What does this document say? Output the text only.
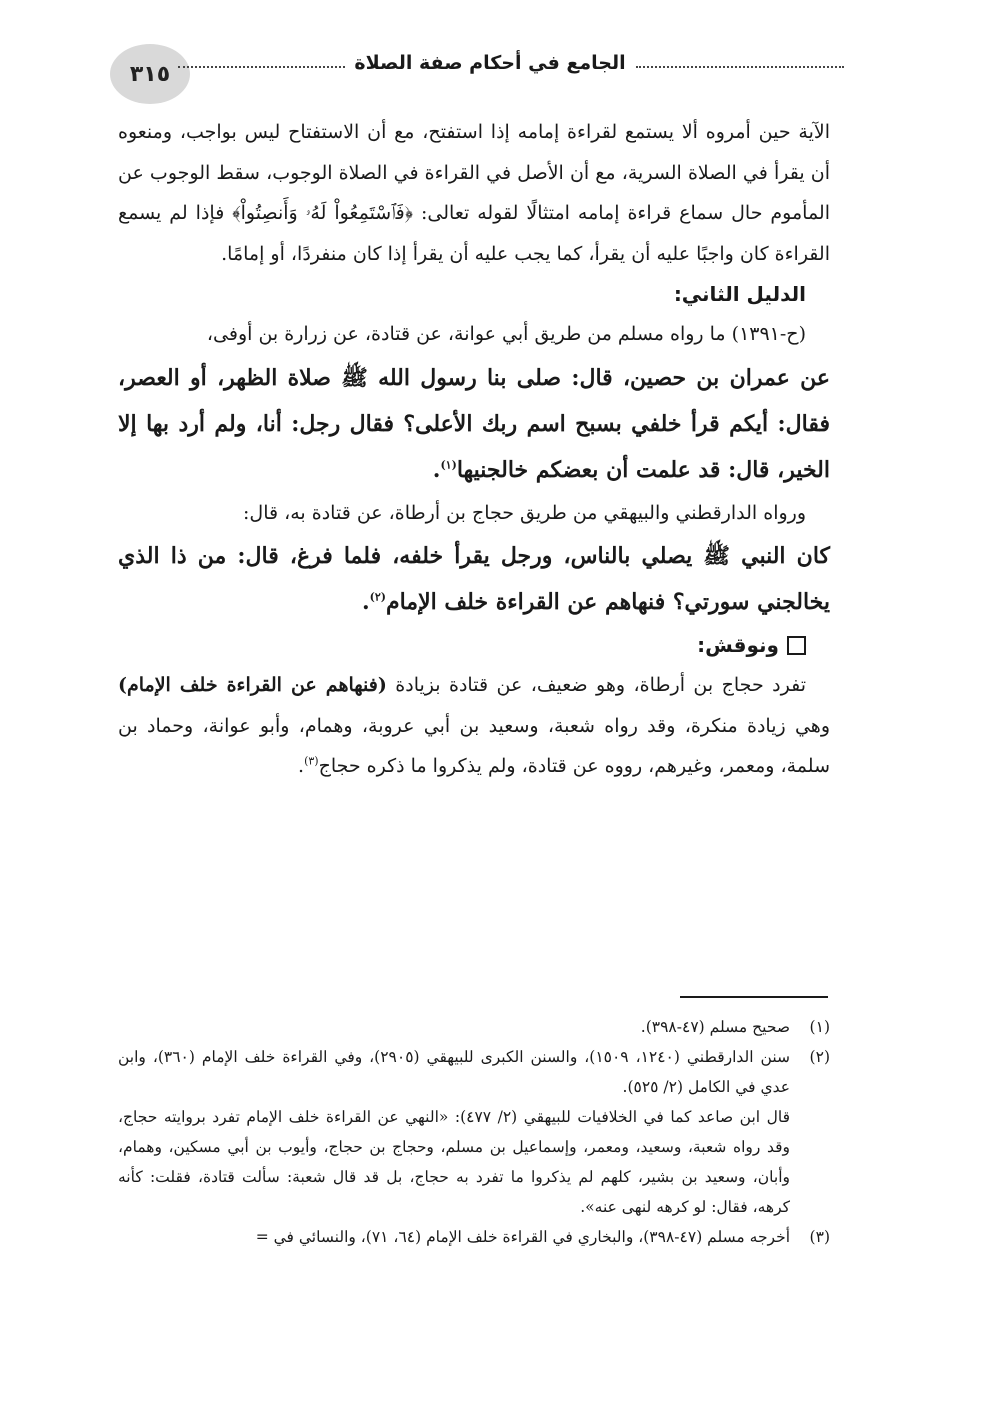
٣١٥	الجامع في أحكام صفة الصلاة

الآية حين أمروه ألا يستمع لقراءة إمامه إذا استفتح، مع أن الاستفتاح ليس بواجب، ومنعوه أن يقرأ في الصلاة السرية، مع أن الأصل في القراءة في الصلاة الوجوب، سقط الوجوب عن المأموم حال سماع قراءة إمامه امتثالًا لقوله تعالى: ﴿فَٱسْتَمِعُواْ لَهُۥ وَأَنصِتُواْ﴾ فإذا لم يسمع القراءة كان واجبًا عليه أن يقرأ، كما يجب عليه أن يقرأ إذا كان منفردًا، أو إمامًا.

الدليل الثاني:

(ح-١٣٩١) ما رواه مسلم من طريق أبي عوانة، عن قتادة، عن زرارة بن أوفى،

عن عمران بن حصين، قال: صلى بنا رسول الله ﷺ صلاة الظهر، أو العصر، فقال: أيكم قرأ خلفي بسبح اسم ربك الأعلى؟ فقال رجل: أنا، ولم أرد بها إلا الخير، قال: قد علمت أن بعضكم خالجنيها$^{(١)}$.

ورواه الدارقطني والبيهقي من طريق حجاج بن أرطاة، عن قتادة به، قال:

كان النبي ﷺ يصلي بالناس، ورجل يقرأ خلفه، فلما فرغ، قال: من ذا الذي يخالجني سورتي؟ فنهاهم عن القراءة خلف الإمام$^{(٢)}$.

ونوقش:

تفرد حجاج بن أرطاة، وهو ضعيف، عن قتادة بزيادة (فنهاهم عن القراءة خلف الإمام) وهي زيادة منكرة، وقد رواه شعبة، وسعيد بن أبي عروبة، وهمام، وأبو عوانة، وحماد بن سلمة، ومعمر، وغيرهم، رووه عن قتادة، ولم يذكروا ما ذكره حجاج$^{(٣)}$.

(١)
صحيح مسلم (٤٧-٣٩٨).
(٢)
سنن الدارقطني (١٢٤٠، ١٥٠٩)، والسنن الكبرى للبيهقي (٢٩٠٥)، وفي القراءة خلف الإمام (٣٦٠)، وابن عدي في الكامل (٢/ ٥٢٥).
قال ابن صاعد كما في الخلافيات للبيهقي (٢/ ٤٧٧): «النهي عن القراءة خلف الإمام تفرد بروايته حجاج، وقد رواه شعبة، وسعيد، ومعمر، وإسماعيل بن مسلم، وحجاج بن حجاج، وأيوب بن أبي مسكين، وهمام، وأبان، وسعيد بن بشير، كلهم لم يذكروا ما تفرد به حجاج، بل قد قال شعبة: سألت قتادة، فقلت: كأنه كرهه، فقال: لو كرهه لنهى عنه».
(٣)
أخرجه مسلم (٤٧-٣٩٨)، والبخاري في القراءة خلف الإمام (٦٤، ٧١)، والنسائي في =
